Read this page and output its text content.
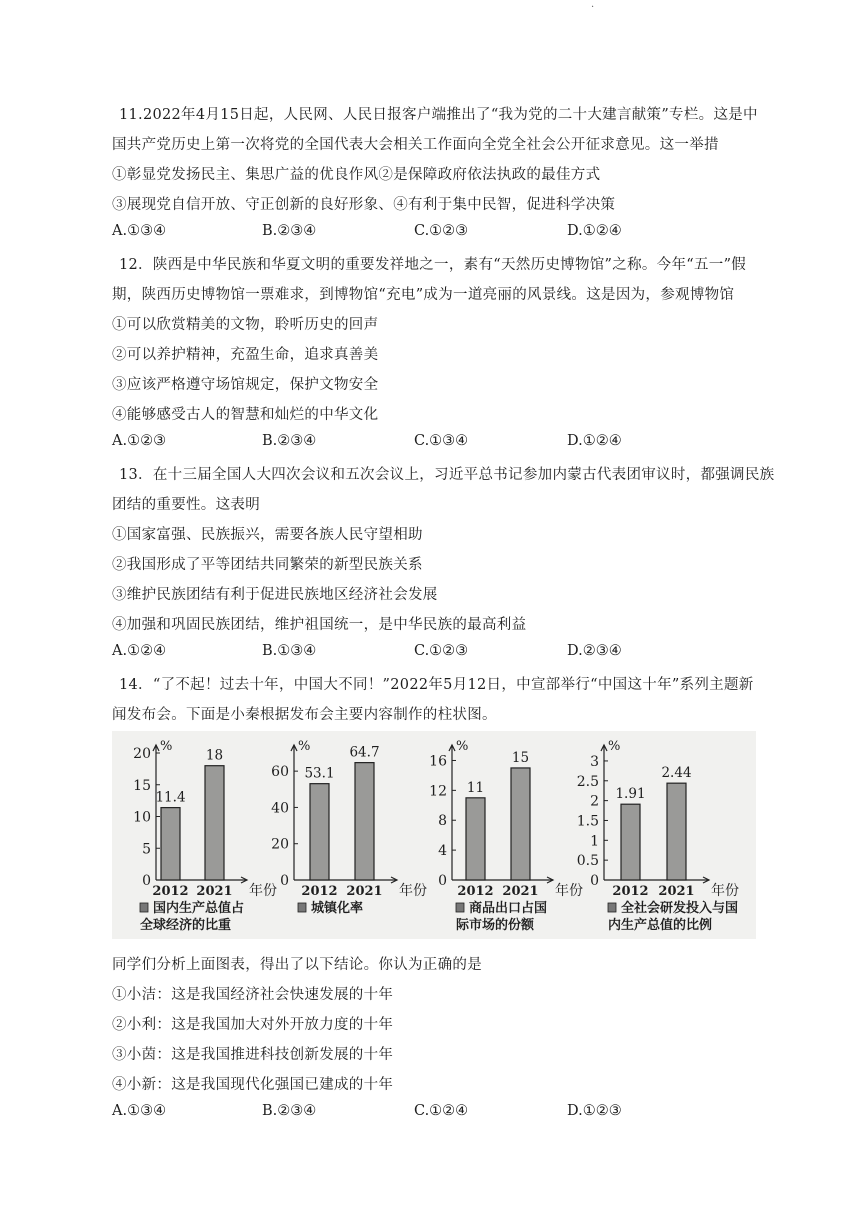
·
11.2022年4月15日起，人民网、人民日报客户端推出了“我为党的二十大建言献策”专栏。这是中
国共产党历史上第一次将党的全国代表大会相关工作面向全党全社会公开征求意见。这一举措
①彰显党发扬民主、集思广益的优良作风②是保障政府依法执政的最佳方式
③展现党自信开放、守正创新的良好形象、④有利于集中民智，促进科学决策
A.①③④	B.②③④	C.①②③	D.①②④
12．陕西是中华民族和华夏文明的重要发祥地之一，素有“天然历史博物馆”之称。今年“五一”假
期，陕西历史博物馆一票难求，到博物馆“充电”成为一道亮丽的风景线。这是因为，参观博物馆
①可以欣赏精美的文物，聆听历史的回声
②可以养护精神，充盈生命，追求真善美
③应该严格遵守场馆规定，保护文物安全
④能够感受古人的智慧和灿烂的中华文化
A.①②③	B.②③④	C.①③④	D.①②④
13．在十三届全国人大四次会议和五次会议上，习近平总书记参加内蒙古代表团审议时，都强调民族
团结的重要性。这表明
①国家富强、民族振兴，需要各族人民守望相助
②我国形成了平等团结共同繁荣的新型民族关系
③维护民族团结有利于促进民族地区经济社会发展
④加强和巩固民族团结，维护祖国统一，是中华民族的最高利益
A.①②④	B.①③④	C.①②③	D.②③④
14．“了不起！过去十年，中国大不同！”2022年5月12日，中宣部举行“中国这十年”系列主题新
闻发布会。下面是小秦根据发布会主要内容制作的柱状图。
%
0
5
10
15
20
11.4
2012
18
2021 年份
国内生产总值占
全球经济的比重
%
0
20
40
60 53.1
2012
64.7
2021 年份
城镇化率
%
0
4
8
12
16
11
2012
15
2021 年份
商品出口占国
际市场的份额
%
0
0.5
1
1.5
2
2.5
3
1.91
2012
2.44
2021 年份
全社会研发投入与国
内生产总值的比例
同学们分析上面图表，得出了以下结论。你认为正确的是
①小洁：这是我国经济社会快速发展的十年
②小利：这是我国加大对外开放力度的十年
③小茵：这是我国推进科技创新发展的十年
④小新：这是我国现代化强国已建成的十年
A.①③④	B.②③④	C.①②④	D.①②③
